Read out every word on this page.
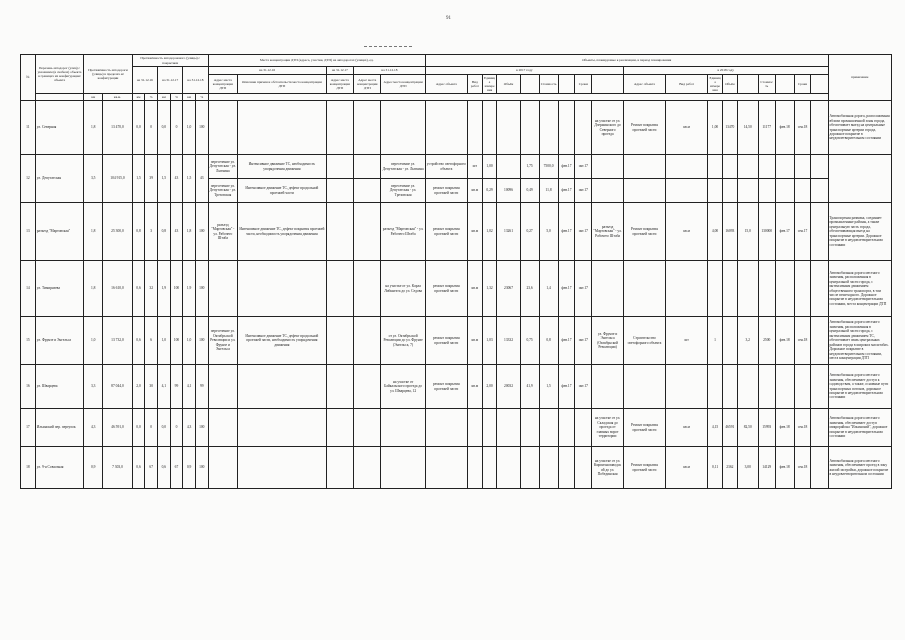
91
№	Перечень автодорог (улиц) с указанием (в скобках) объекта в границах их конфигурации/объекта	Протяжённость автодороги (улицы) в пределах её конфигурации		Протяжённость автодорожного (улицы) с покрытием						Места концентрации ДТП (адреса, участки, ДТП) на автодорогах (улицах), ед.					Объекты, планируемые к реализации, в период планирования																		примечание
				на 31.12.16		на 31.12.17		на 31.12.18		на 31.12.16		на 31.12.17	на 31.12.18		в 2017 году									в 2018 году									
										Адрес места концентрации ДТП	Описание причин и обстоятельств места концентрации ДТП	Адрес места концентрации ДТП	Адрес места концентрации ДТП	Адрес места концентрации ДТП	Адрес объекта	Вид работ	Единица измерения	Объём		Стоимость		Сроки		Адрес объекта	Вид работ	Единица измерения	Объём		Стоимость		Сроки		

		км	кв.м.	км	%	км	%	км	%																								
11	ул. Северная	1,8	13 470,0	0,0	0	0,0	0	1,0	100														на участке от ул. Дзержинского до Северного проезда	Ремонт покрытия проезжей части	кв.м	1,00	13470	14,50	11177	фев.18	сен.18		Автомобильная дорога, расположенная вблизи промышленной зоны города, обеспечивает выезд на центральные транспортные артерии города, дорожное покрытие в неудовлетворительном состоянии
12	ул. Депутатская	3,5	104 915,0	1,5	39	1,5	43	1,5	43	пересечение ул. Депутатская - ул. Лыткина	Интенсивное движение ТС, необходимость упорядочения движения			пересечение ул. Депутатская - ул. Лыткина	устройство светофорного объекта	шт	1,00		1,75	7500,0	фев.17	окт.17											
										пересечение ул. Депутатская - ул. Трезовская	Интенсивное движение ТС, дефект продольной проезжей части			пересечение ул. Депутатская - ул. Трезовская	ремонт покрытия проезжей части	кв.м	0,29	10096	0,49	11,8	фев.17	окт.17											
13	разъезд "Мартовская"	1,8	25 300,0	0,8	3	0,8	43	1,8	100	разъезд "Мартовская" - ул. Рабочего Штаба	Интенсивное движение ТС, дефект покрытия проезжей части, необходимость упорядочения движения			разъезд "Мартовская" - ул. Рабочего Штаба	ремонт покрытия проезжей части	кв.м	1,02	13261	0,27	5,0	фев.17	окт.17	разъезд "Мартовская" - ул. Рабочего Штаба	Ремонт покрытия проезжей части	кв.м	4,00	16093	15,0	130000	фев.17	сен.17		Транспортная развязка, соединяет промышленные районы, а также центральную часть города, обеспечивающая выезд на транспортные артерии. Дорожное покрытие в неудовлетворительном состоянии
14	ул. Тимирязева	1,8	16 610,0	0,6	32	1,9	100	1,9	100					на участке от ул. Карла Либкнехта до ул. Седова	ремонт покрытия проезжей части	кв.м	1,32	23067	23,6	1,4	фев.17	окт.17											Автомобильная дорога местного значения, расположенная в центральной части города, с интенсивным движением общественного транспорта, в том числе пешеходного. Дорожное покрытие в неудовлетворительном состоянии, места концентрации ДТП
15	ул. Фрунзе и Энгельса	1,0	13 732,0	0,6	6	1,0	100	1,0	100	пересечение ул. Октябрьской Революции и ул. Фрунзе и Энгельса	Интенсивное движение ТС, дефект продольной проезжей части, необходимость упорядочения движения			от ул. Октябрьской Революции до ул. Фрунзе (Энгельса, 7)	ремонт покрытия проезжей части	кв.м	1,03	13332	0,75	0,8	фев.17	окт.17	ул. Фрунзе и Энгельса (Октябрьской Революции)	Строительство светофорного объекта	шт	1		3,2	2500	фев.18	сен.18		Автомобильная дорога местного значения, расположенная в центральной части города, с интенсивным движением ТС, обеспечивает связь центральных районов города в широких масштабах. Дорожное покрытие в неудовлетворительном состоянии, места концентрации ДТП
16	ул. Шварцева	3,3	87 044,0	2,0	30	4,1	99	4,1	99					на участке от Байкальского проезда до ул. Шварцева, 12	ремонт покрытия проезжей части	кв.м	2,00	20032	41,9	1,5	фев.17	окт.17											Автомобильная дорога местного значения, обеспечивает доступ к садоводствам, а также, основные пути транспортных потоков, дорожное покрытие в неудовлетворительном состоянии
17	Ильинский пер. переулок	4,3	46 591,0	0,0	0	0,0	0	4,3	100														на участке от ул. Складская до проезда от главных ворот территории	Ремонт покрытия проезжей части	кв.м	4,15	46591	82,50	15993	фев.18	сен.18		Автомобильная дорога местного значения, обеспечивает доступ микрорайона "Ильинский", дорожное покрытие в неудовлетворительном состоянии
18	ул. 9-я Совхозная	0,9	7 303,0	0,6	67	0,6	67	0,9	100														на участке от ул. Кирпичнозаводской до ул. Побединская	Ремонт покрытия проезжей части	кв.м	0,11	2362	3,00	14129	фев.18	сен.18		Автомобильная дорога местного значения, обеспечивает проезд в зону жилой застройки, дорожное покрытие в неудовлетворительном состоянии
